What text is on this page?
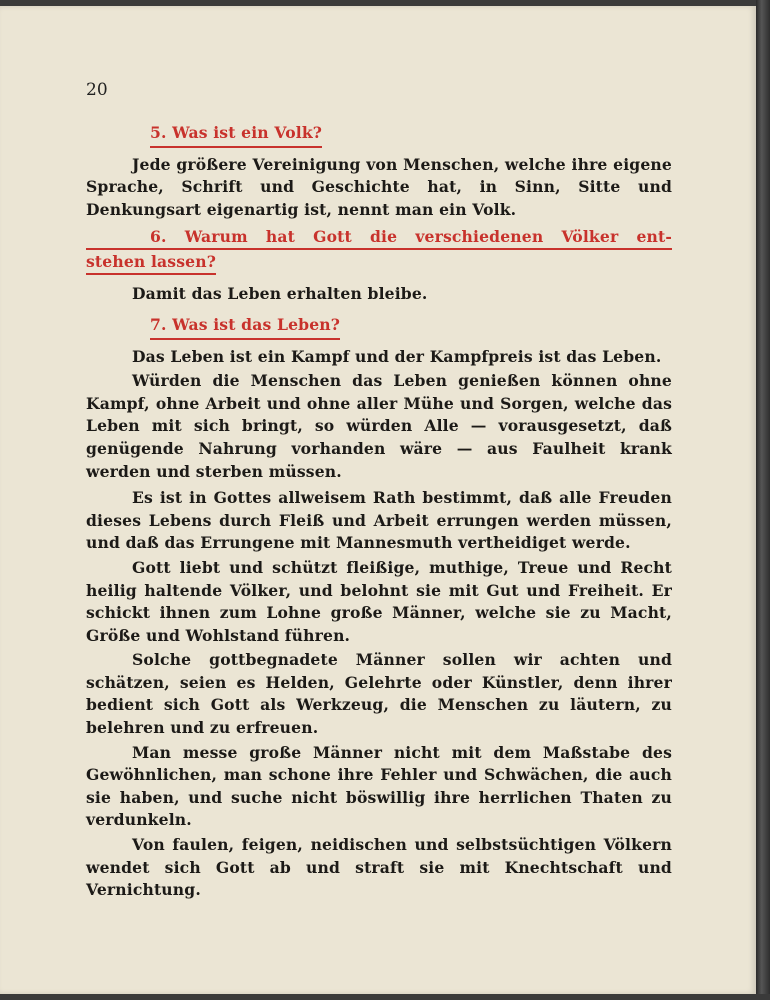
20
5. Was ist ein Volk?

Jede größere Vereinigung von Menschen, welche ihre eigene Sprache, Schrift und Geschichte hat, in Sinn, Sitte und Denkungsart eigenartig ist, nennt man ein Volk.

6. Warum hat Gott die verschiedenen Völker ent-
stehen lassen?

Damit das Leben erhalten bleibe.

7. Was ist das Leben?

Das Leben ist ein Kampf und der Kampfpreis ist das Leben.

Würden die Menschen das Leben genießen können ohne Kampf, ohne Arbeit und ohne aller Mühe und Sorgen, welche das Leben mit sich bringt, so würden Alle — vorausgesetzt, daß genügende Nahrung vorhanden wäre — aus Faulheit krank werden und sterben müssen.

Es ist in Gottes allweisem Rath bestimmt, daß alle Freuden dieses Lebens durch Fleiß und Arbeit errungen werden müssen, und daß das Errungene mit Mannesmuth vertheidiget werde.

Gott liebt und schützt fleißige, muthige, Treue und Recht heilig haltende Völker, und belohnt sie mit Gut und Freiheit. Er schickt ihnen zum Lohne große Männer, welche sie zu Macht, Größe und Wohlstand führen.

Solche gottbegnadete Männer sollen wir achten und schätzen, seien es Helden, Gelehrte oder Künstler, denn ihrer bedient sich Gott als Werkzeug, die Menschen zu läutern, zu belehren und zu erfreuen.

Man messe große Männer nicht mit dem Maßstabe des Gewöhnlichen, man schone ihre Fehler und Schwächen, die auch sie haben, und suche nicht böswillig ihre herrlichen Thaten zu verdunkeln.

Von faulen, feigen, neidischen und selbstsüchtigen Völkern wendet sich Gott ab und straft sie mit Knechtschaft und Vernichtung.
